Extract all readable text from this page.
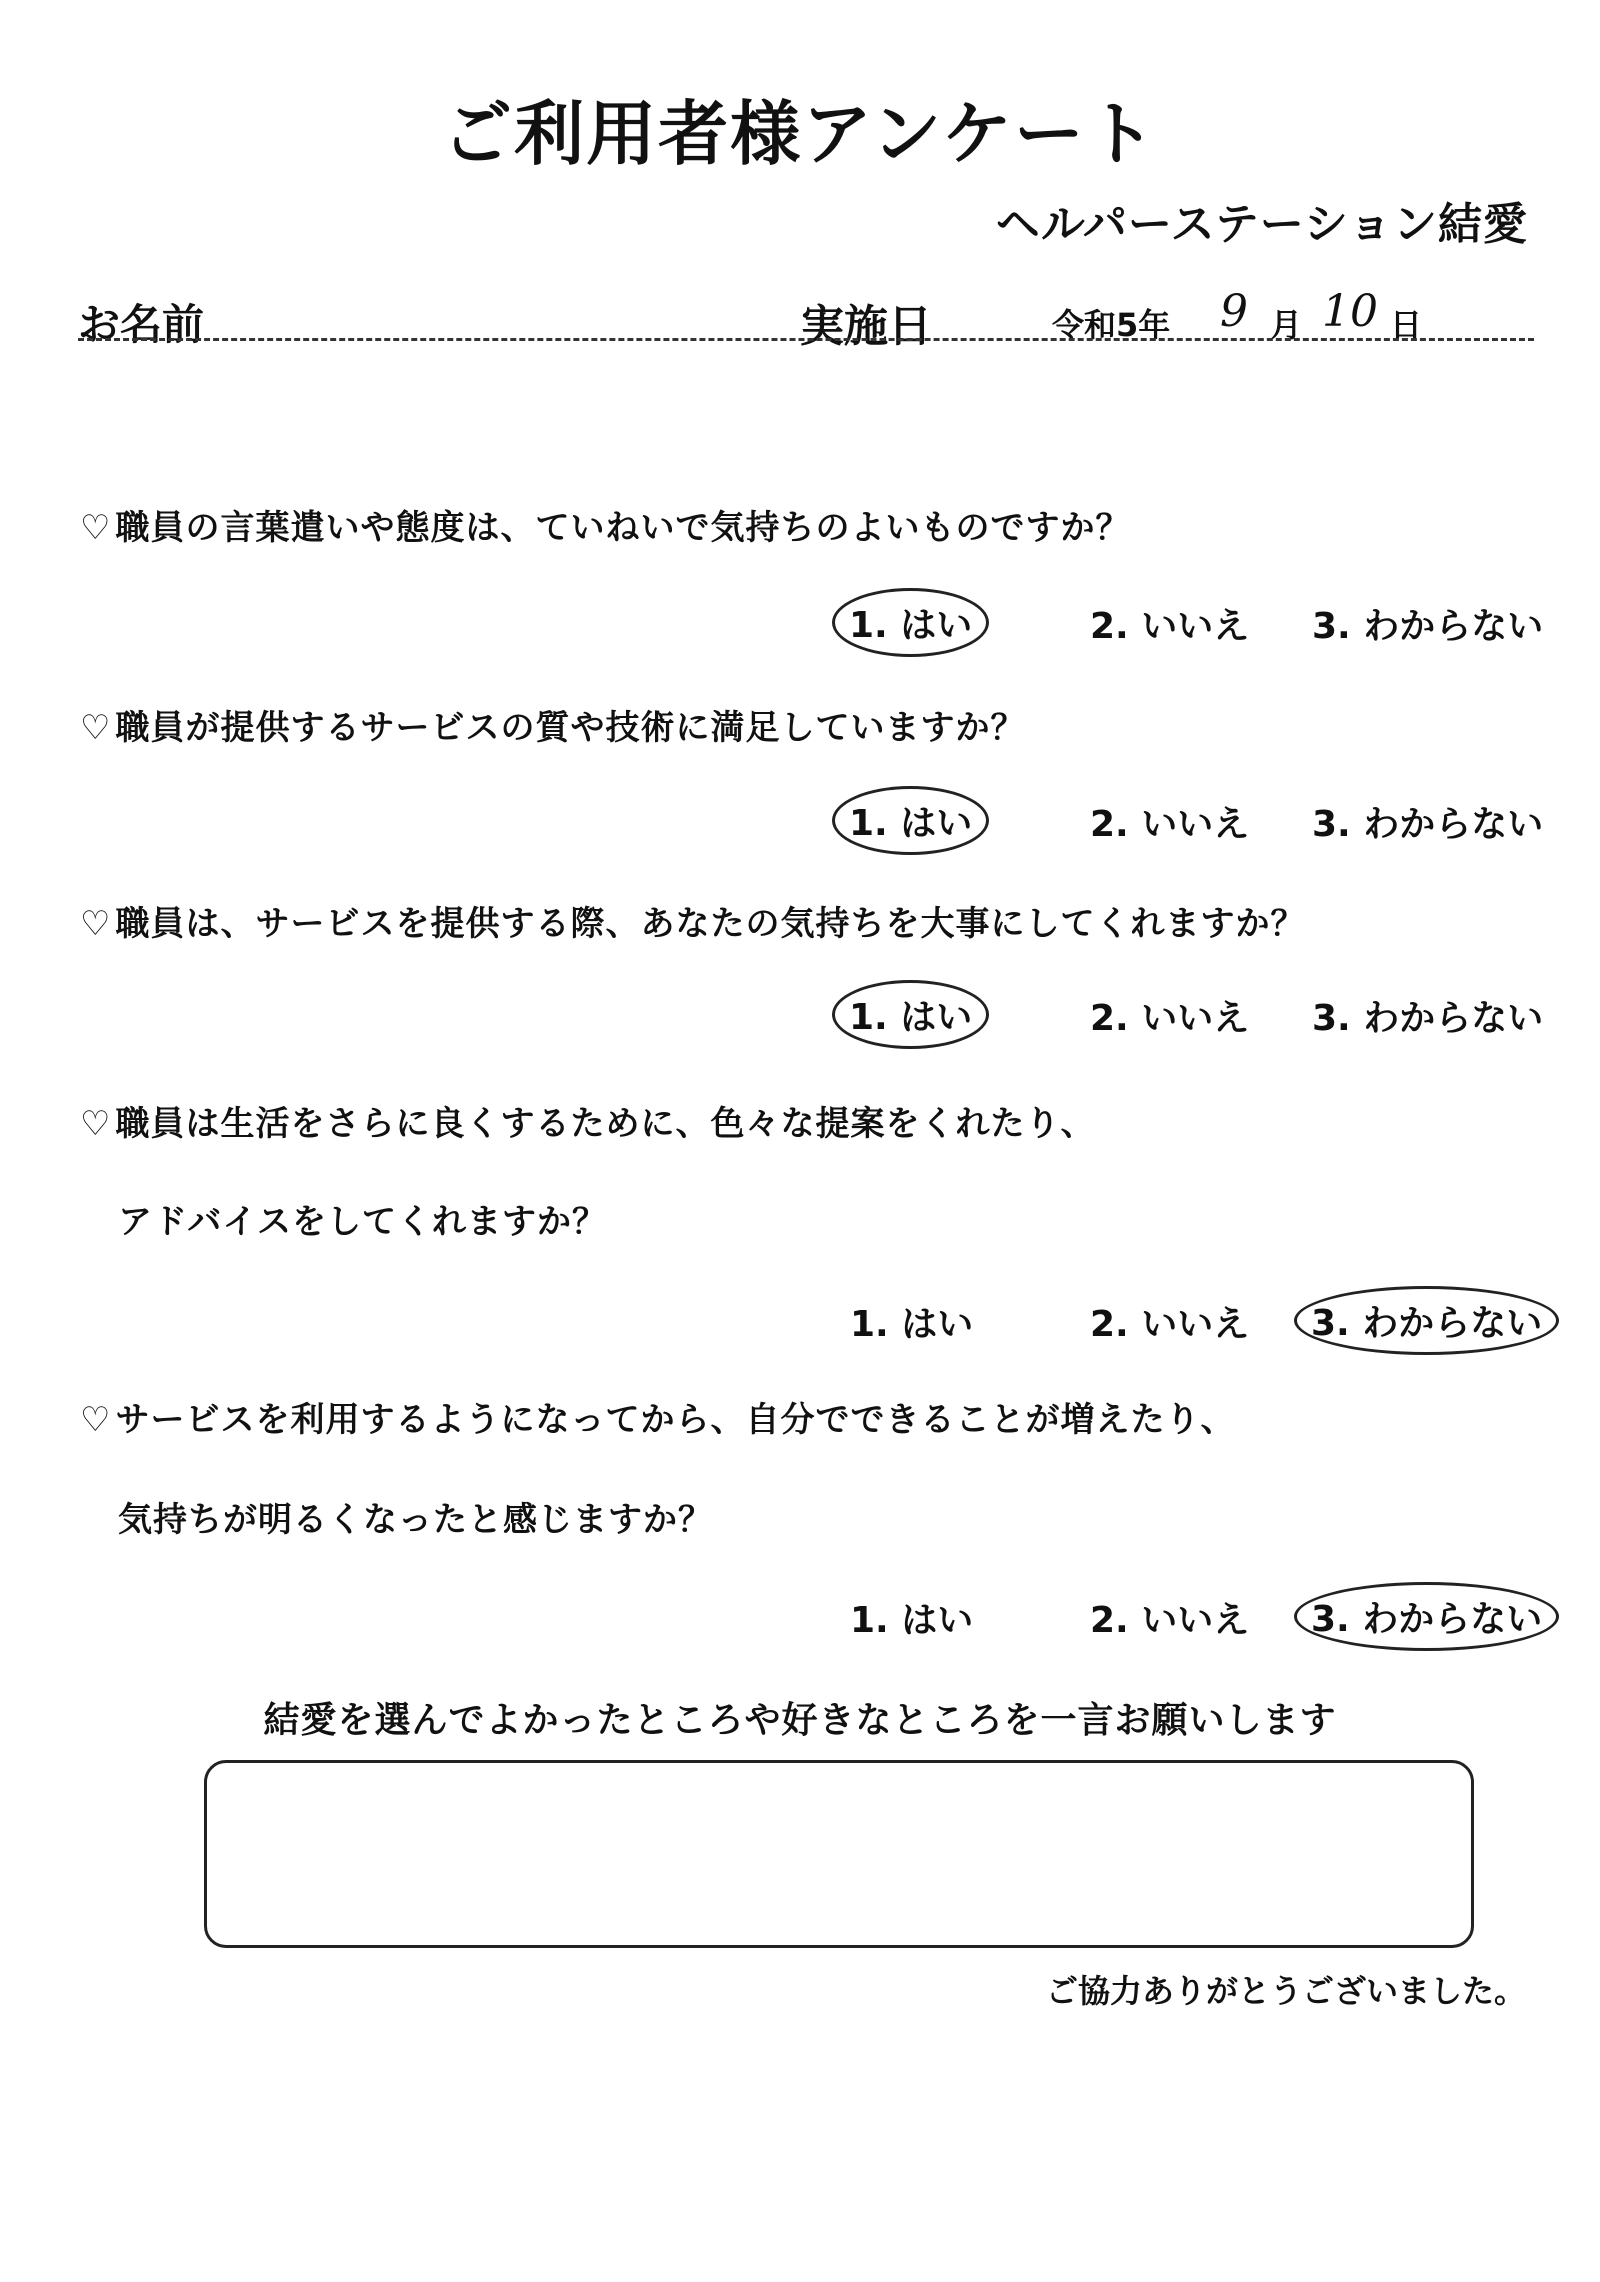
ご利用者様アンケート
ヘルパーステーション結愛
お名前	実施日	令和5年 9 月 10 日
♡ 職員の言葉遣いや態度は、ていねいで気持ちのよいものですか？
1. はい	2. いいえ 3. わからない
♡ 職員が提供するサービスの質や技術に満足していますか？
1. はい	2. いいえ 3. わからない
♡ 職員は、サービスを提供する際、あなたの気持ちを大事にしてくれますか？
1. はい	2. いいえ 3. わからない
♡ 職員は生活をさらに良くするために、色々な提案をくれたり、
アドバイスをしてくれますか？
1. はい	2. いいえ	3. わからない
♡ サービスを利用するようになってから、自分でできることが増えたり、
気持ちが明るくなったと感じますか？
1. はい	2. いいえ	3. わからない
結愛を選んでよかったところや好きなところを一言お願いします
ご協力ありがとうございました。
